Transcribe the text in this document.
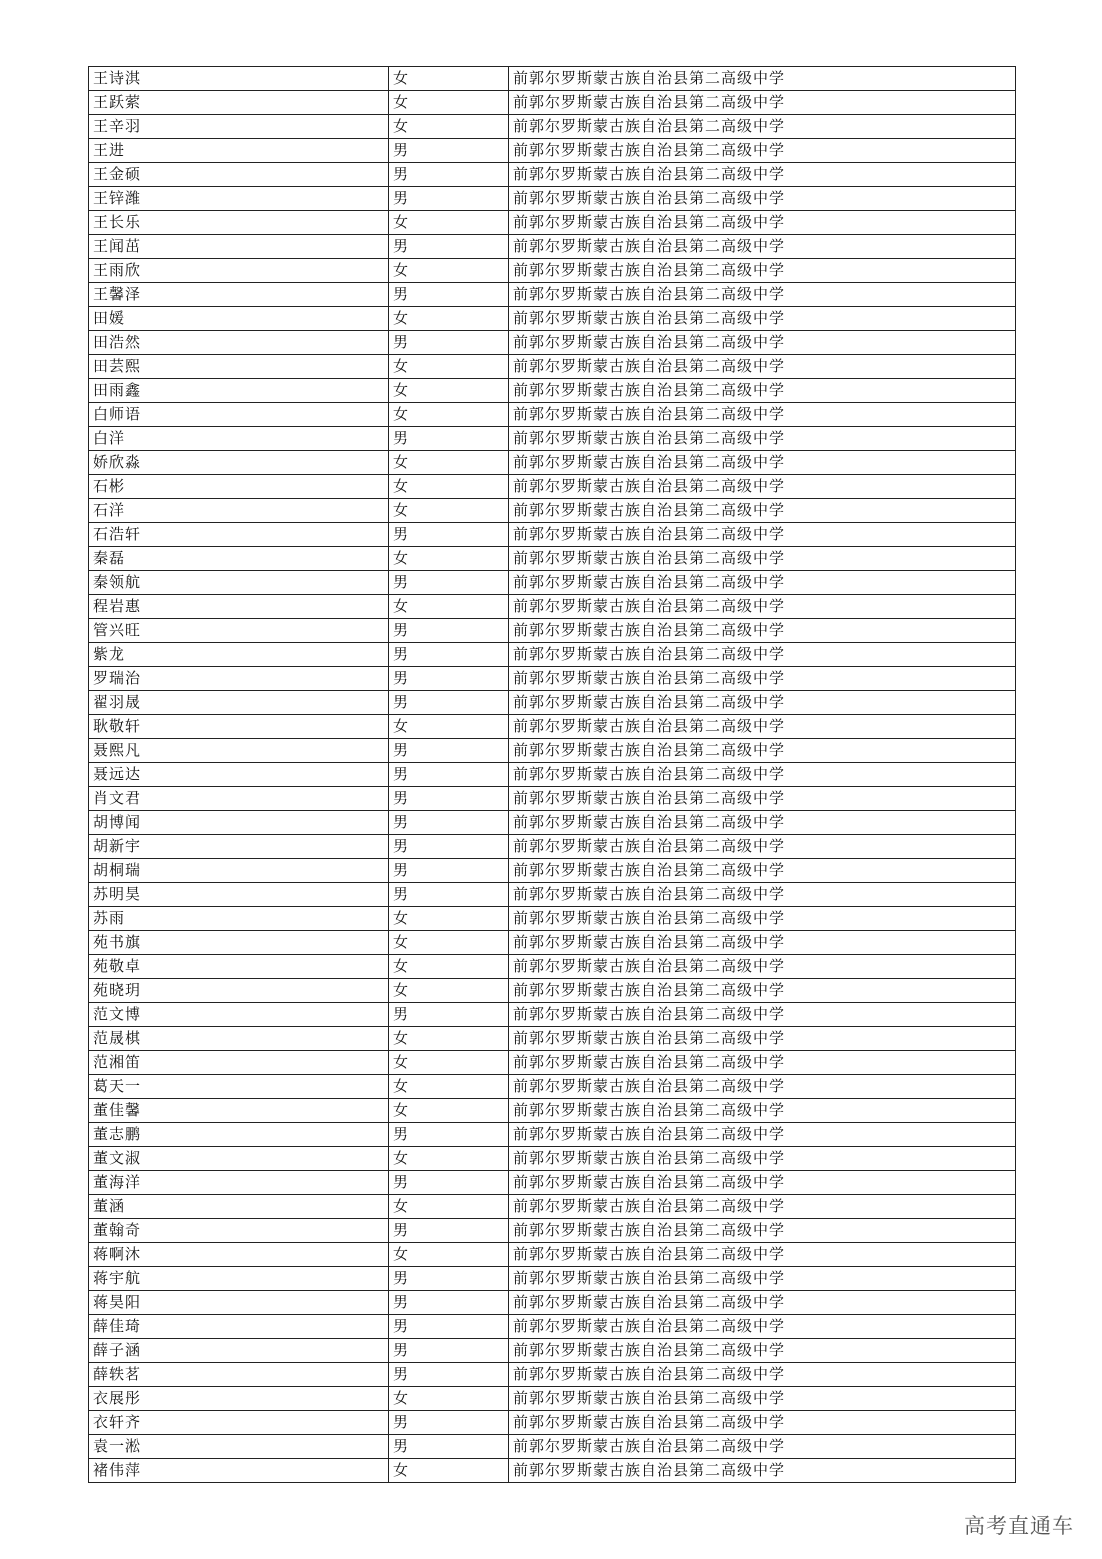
王诗淇	女	前郭尔罗斯蒙古族自治县第二高级中学
王跃萦	女	前郭尔罗斯蒙古族自治县第二高级中学
王辛羽	女	前郭尔罗斯蒙古族自治县第二高级中学
王进	男	前郭尔罗斯蒙古族自治县第二高级中学
王金硕	男	前郭尔罗斯蒙古族自治县第二高级中学
王锌潍	男	前郭尔罗斯蒙古族自治县第二高级中学
王长乐	女	前郭尔罗斯蒙古族自治县第二高级中学
王闻茁	男	前郭尔罗斯蒙古族自治县第二高级中学
王雨欣	女	前郭尔罗斯蒙古族自治县第二高级中学
王馨泽	男	前郭尔罗斯蒙古族自治县第二高级中学
田媛	女	前郭尔罗斯蒙古族自治县第二高级中学
田浩然	男	前郭尔罗斯蒙古族自治县第二高级中学
田芸熙	女	前郭尔罗斯蒙古族自治县第二高级中学
田雨鑫	女	前郭尔罗斯蒙古族自治县第二高级中学
白师语	女	前郭尔罗斯蒙古族自治县第二高级中学
白洋	男	前郭尔罗斯蒙古族自治县第二高级中学
娇欣淼	女	前郭尔罗斯蒙古族自治县第二高级中学
石彬	女	前郭尔罗斯蒙古族自治县第二高级中学
石洋	女	前郭尔罗斯蒙古族自治县第二高级中学
石浩轩	男	前郭尔罗斯蒙古族自治县第二高级中学
秦磊	女	前郭尔罗斯蒙古族自治县第二高级中学
秦领航	男	前郭尔罗斯蒙古族自治县第二高级中学
程岩惠	女	前郭尔罗斯蒙古族自治县第二高级中学
管兴旺	男	前郭尔罗斯蒙古族自治县第二高级中学
紫龙	男	前郭尔罗斯蒙古族自治县第二高级中学
罗瑞治	男	前郭尔罗斯蒙古族自治县第二高级中学
翟羽晟	男	前郭尔罗斯蒙古族自治县第二高级中学
耿敬轩	女	前郭尔罗斯蒙古族自治县第二高级中学
聂熙凡	男	前郭尔罗斯蒙古族自治县第二高级中学
聂远达	男	前郭尔罗斯蒙古族自治县第二高级中学
肖文君	男	前郭尔罗斯蒙古族自治县第二高级中学
胡博闻	男	前郭尔罗斯蒙古族自治县第二高级中学
胡新宇	男	前郭尔罗斯蒙古族自治县第二高级中学
胡桐瑞	男	前郭尔罗斯蒙古族自治县第二高级中学
苏明昊	男	前郭尔罗斯蒙古族自治县第二高级中学
苏雨	女	前郭尔罗斯蒙古族自治县第二高级中学
苑书旗	女	前郭尔罗斯蒙古族自治县第二高级中学
苑敬卓	女	前郭尔罗斯蒙古族自治县第二高级中学
苑晓玥	女	前郭尔罗斯蒙古族自治县第二高级中学
范文博	男	前郭尔罗斯蒙古族自治县第二高级中学
范晟棋	女	前郭尔罗斯蒙古族自治县第二高级中学
范湘笛	女	前郭尔罗斯蒙古族自治县第二高级中学
葛天一	女	前郭尔罗斯蒙古族自治县第二高级中学
董佳馨	女	前郭尔罗斯蒙古族自治县第二高级中学
董志鹏	男	前郭尔罗斯蒙古族自治县第二高级中学
董文淑	女	前郭尔罗斯蒙古族自治县第二高级中学
董海洋	男	前郭尔罗斯蒙古族自治县第二高级中学
董涵	女	前郭尔罗斯蒙古族自治县第二高级中学
董翰奇	男	前郭尔罗斯蒙古族自治县第二高级中学
蒋啊沐	女	前郭尔罗斯蒙古族自治县第二高级中学
蒋宇航	男	前郭尔罗斯蒙古族自治县第二高级中学
蒋昊阳	男	前郭尔罗斯蒙古族自治县第二高级中学
薛佳琦	男	前郭尔罗斯蒙古族自治县第二高级中学
薛子涵	男	前郭尔罗斯蒙古族自治县第二高级中学
薛轶茗	男	前郭尔罗斯蒙古族自治县第二高级中学
衣展彤	女	前郭尔罗斯蒙古族自治县第二高级中学
衣轩齐	男	前郭尔罗斯蒙古族自治县第二高级中学
袁一淞	男	前郭尔罗斯蒙古族自治县第二高级中学
褚伟萍	女	前郭尔罗斯蒙古族自治县第二高级中学
高考直通车
